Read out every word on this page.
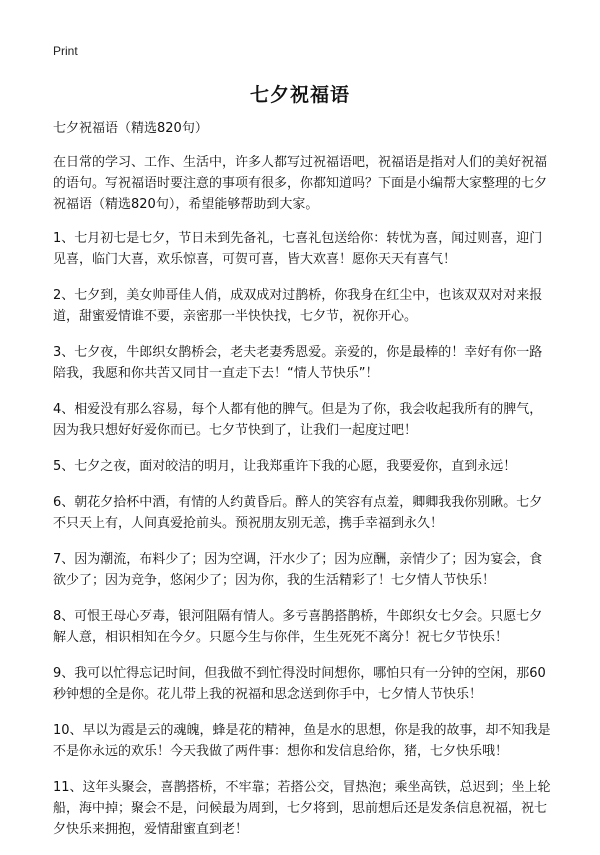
Print
七夕祝福语

七夕祝福语（精选820句）

在日常的学习、工作、生活中，许多人都写过祝福语吧，祝福语是指对人们的美好祝福的语句。写祝福语时要注意的事项有很多，你都知道吗？下面是小编帮大家整理的七夕祝福语（精选820句），希望能够帮助到大家。

1、七月初七是七夕，节日未到先备礼，七喜礼包送给你：转忧为喜，闻过则喜，迎门见喜，临门大喜，欢乐惊喜，可贺可喜，皆大欢喜！愿你天天有喜气！

2、七夕到，美女帅哥佳人俏，成双成对过鹊桥，你我身在红尘中，也该双双对对来报道，甜蜜爱情谁不要，亲密那一半快快找，七夕节，祝你开心。

3、七夕夜，牛郎织女鹊桥会，老夫老妻秀恩爱。亲爱的，你是最棒的！幸好有你一路陪我，我愿和你共苦又同甘一直走下去！“情人节快乐”！

4、相爱没有那么容易，每个人都有他的脾气。但是为了你，我会收起我所有的脾气，因为我只想好好爱你而已。七夕节快到了，让我们一起度过吧！

5、七夕之夜，面对皎洁的明月，让我郑重许下我的心愿，我要爱你，直到永远！

6、朝花夕拾杯中酒，有情的人约黄昏后。醉人的笑容有点羞，卿卿我我你别瞅。七夕不只天上有，人间真爱抢前头。预祝朋友别无恙，携手幸福到永久！

7、因为潮流，布料少了；因为空调，汗水少了；因为应酬，亲情少了；因为宴会，食欲少了；因为竞争，悠闲少了；因为你，我的生活精彩了！七夕情人节快乐！

8、可恨王母心歹毒，银河阻隔有情人。多亏喜鹊搭鹊桥，牛郎织女七夕会。只愿七夕解人意，相识相知在今夕。只愿今生与你伴，生生死死不离分！祝七夕节快乐！

9、我可以忙得忘记时间，但我做不到忙得没时间想你，哪怕只有一分钟的空闲，那60秒钟想的全是你。花儿带上我的祝福和思念送到你手中，七夕情人节快乐！

10、早以为霞是云的魂魄，蜂是花的精神，鱼是水的思想，你是我的故事，却不知我是不是你永远的欢乐！今天我做了两件事：想你和发信息给你，猪，七夕快乐哦！

11、这年头聚会，喜鹊搭桥，不牢靠；若搭公交，冒热泡；乘坐高铁，总迟到；坐上轮船，海中掉；聚会不是，问候最为周到，七夕将到，思前想后还是发条信息祝福，祝七夕快乐来拥抱，爱情甜蜜直到老！
